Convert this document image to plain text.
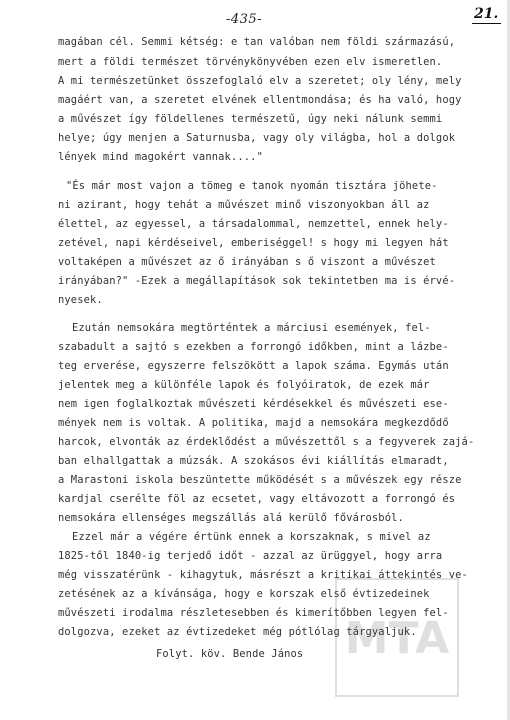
-435-	21.
magában cél. Semmi kétség: e tan valóban nem földi származású,
mert a földi természet törvénykönyvében ezen elv ismeretlen.
A mi természetünket összefoglaló elv a szeretet; oly lény, mely
magáért van, a szeretet elvének ellentmondása; és ha való, hogy
a művészet így földellenes természetű, úgy neki nálunk semmi
helye; úgy menjen a Saturnusba, vagy oly világba, hol a dolgok
lények mind magokért vannak...."
"És már most vajon a tömeg e tanok nyomán tisztára jöhete-
ni azirant, hogy tehát a művészet minő viszonyokban áll az
élettel, az egyessel, a társadalommal, nemzettel, ennek hely-
zetével, napi kérdéseivel, emberiséggel! s hogy mi legyen hát
voltaképen a művészet az ő irányában s ő viszont a művészet
irányában?" -Ezek a megállapítások sok tekintetben ma is érvé-
nyesek.
Ezután nemsokára megtörténtek a márciusi események, fel-
szabadult a sajtó s ezekben a forrongó időkben, mint a lázbe-
teg erverése, egyszerre felszökött a lapok száma. Egymás után
jelentek meg a különféle lapok és folyóiratok, de ezek már
nem igen foglalkoztak művészeti kérdésekkel és művészeti ese-
mények nem is voltak. A politika, majd a nemsokára megkezdődő
harcok, elvonták az érdeklődést a művészettől s a fegyverek zajá-
ban elhallgattak a múzsák. A szokásos évi kiállítás elmaradt,
a Marastoni iskola beszüntette működését s a művészek egy része
kardjal cserélte föl az ecsetet, vagy eltávozott a forrongó és
nemsokára ellenséges megszállás alá kerülő fővárosból.
Ezzel már a végére értünk ennek a korszaknak, s mivel az
1825-től 1840-ig terjedő időt - azzal az ürüggyel, hogy arra
még visszatérünk - kihagytuk, másrészt a kritikai áttekintés ve-
zetésének az a kívánsága, hogy e korszak első évtizedeinek
művészeti irodalma részletesebben és kimerítőbben legyen fel-
dolgozva, ezeket az évtizedeket még pótlólag tárgyaljuk.
Folyt. köv. Bende János MTA
